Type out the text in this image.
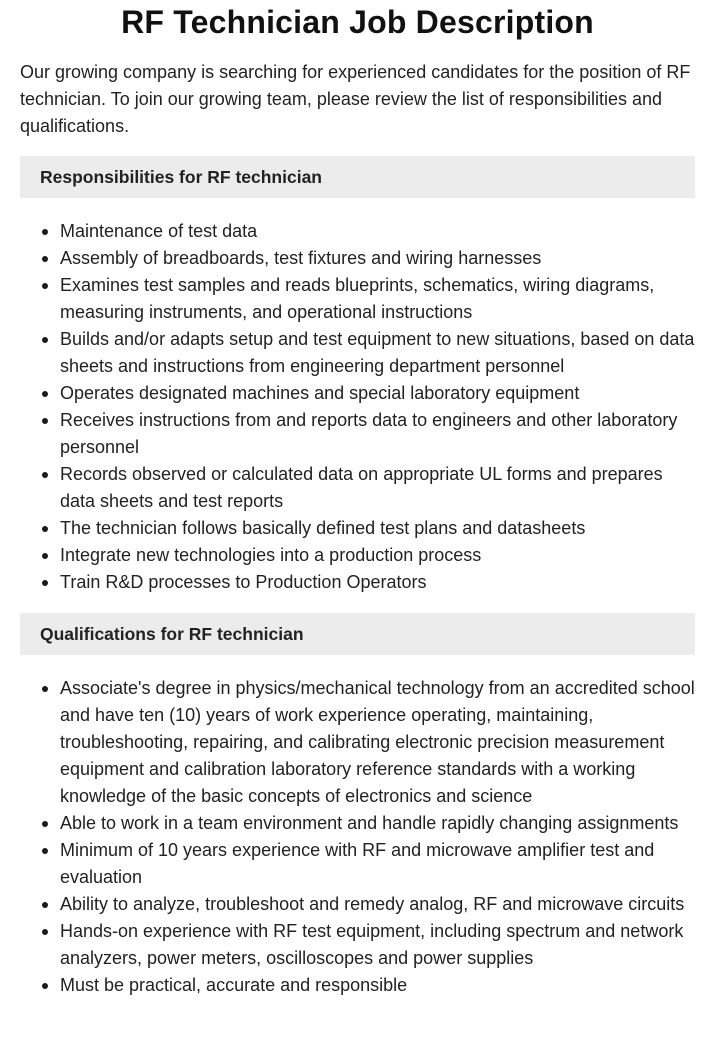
RF Technician Job Description

Our growing company is searching for experienced candidates for the position of RF technician. To join our growing team, please review the list of responsibilities and qualifications.

Responsibilities for RF technician
Maintenance of test data
Assembly of breadboards, test fixtures and wiring harnesses
Examines test samples and reads blueprints, schematics, wiring diagrams, measuring instruments, and operational instructions
Builds and/or adapts setup and test equipment to new situations, based on data sheets and instructions from engineering department personnel
Operates designated machines and special laboratory equipment
Receives instructions from and reports data to engineers and other laboratory personnel
Records observed or calculated data on appropriate UL forms and prepares data sheets and test reports
The technician follows basically defined test plans and datasheets
Integrate new technologies into a production process
Train R&D processes to Production Operators
Qualifications for RF technician
Associate's degree in physics/mechanical technology from an accredited school and have ten (10) years of work experience operating, maintaining, troubleshooting, repairing, and calibrating electronic precision measurement equipment and calibration laboratory reference standards with a working knowledge of the basic concepts of electronics and science
Able to work in a team environment and handle rapidly changing assignments
Minimum of 10 years experience with RF and microwave amplifier test and evaluation
Ability to analyze, troubleshoot and remedy analog, RF and microwave circuits
Hands-on experience with RF test equipment, including spectrum and network analyzers, power meters, oscilloscopes and power supplies
Must be practical, accurate and responsible
